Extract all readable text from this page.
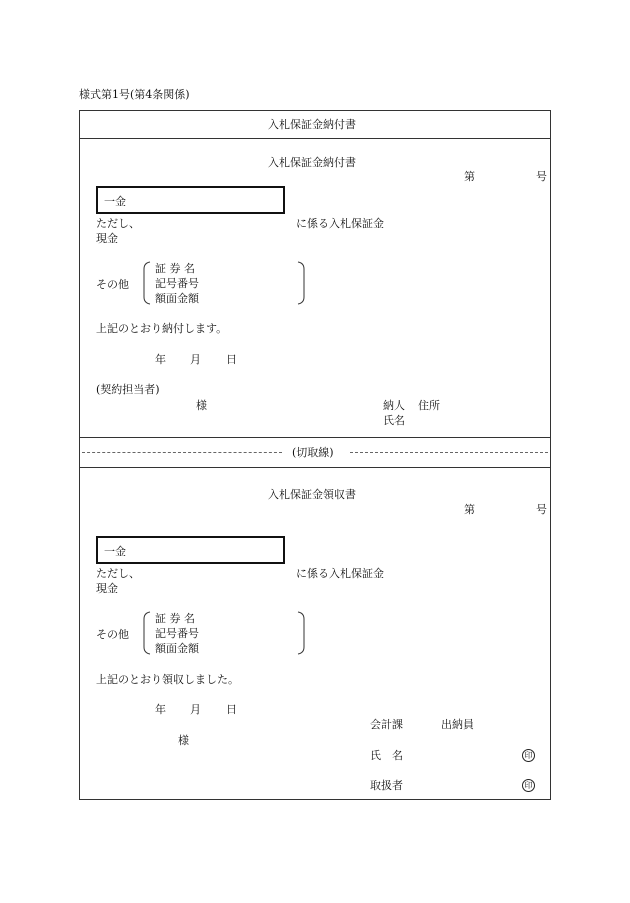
様式第1号(第4条関係)
入札保証金納付書
(切取線)
入札保証金納付書
第	号
一金
ただし、	に係る入札保証金
現金
その他
証 券 名
記号番号
額面金額
上記のとおり納付します。
年 月 日
(契約担当者)
様	納人 住所
氏名
入札保証金領収書
第	号
一金
ただし、	に係る入札保証金
現金
その他
証 券 名
記号番号
額面金額
上記のとおり領収しました。
年 月 日
会計課	出納員
様
氏　名	印
取扱者	印
